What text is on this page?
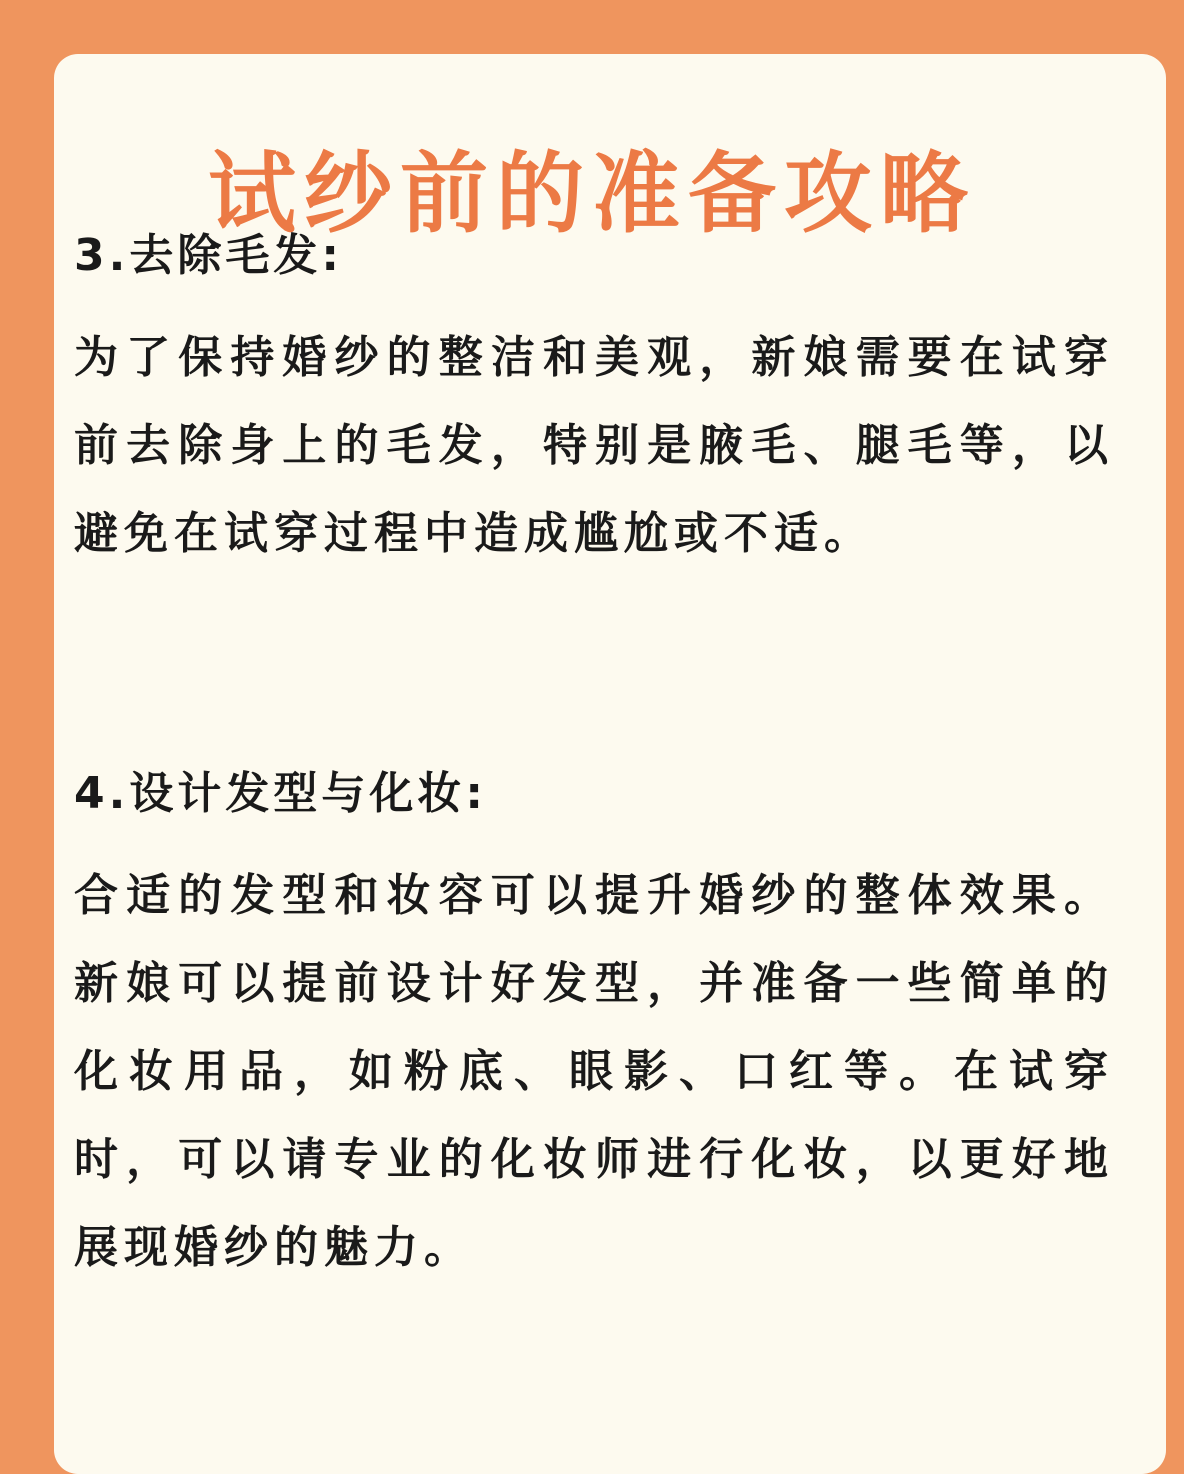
试纱前的准备攻略
3.去除毛发:
为了保持婚纱的整洁和美观，新娘需要在试穿前去除身上的毛发，特别是腋毛、腿毛等，以避免在试穿过程中造成尴尬或不适。
4.设计发型与化妆:
合适的发型和妆容可以提升婚纱的整体效果。新娘可以提前设计好发型，并准备一些简单的化妆用品，如粉底、眼影、口红等。在试穿时，可以请专业的化妆师进行化妆，以更好地展现婚纱的魅力。
